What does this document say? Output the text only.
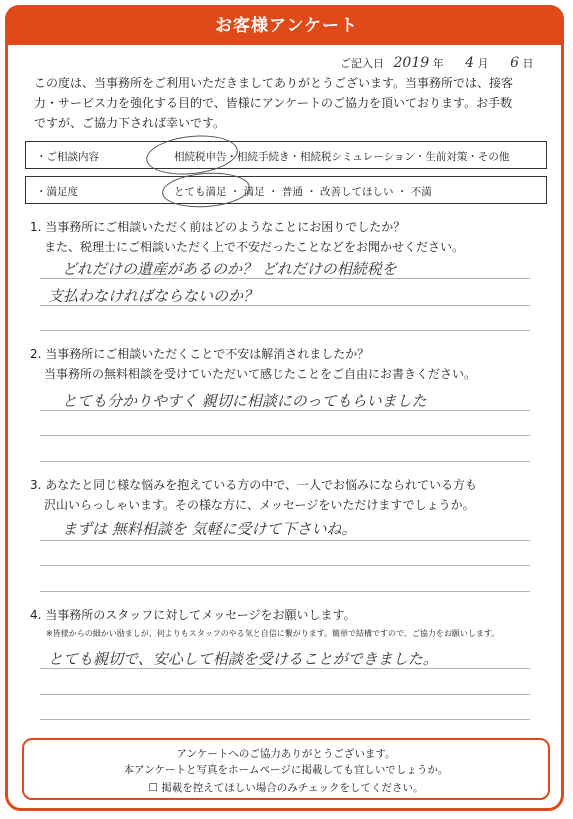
お客様アンケート
ご記入日 2019 年 4 月 6 日
この度は、当事務所をご利用いただきましてありがとうございます。当事務所では、接客
力・サービス力を強化する目的で、皆様にアンケートのご協力を頂いております。お手数
ですが、ご協力下されば幸いです。
・ご相談内容	相続税申告・相続手続き・相続税シミュレーション・生前対策・その他
・満足度	とても満足 ・ 満足 ・ 普通 ・ 改善してほしい ・ 不満
1. 当事務所にご相談いただく前はどのようなことにお困りでしたか？
また、税理士にご相談いただく上で不安だったことなどをお聞かせください。
どれだけの遺産があるのか？ どれだけの相続税を
支払わなければならないのか？
2. 当事務所にご相談いただくことで不安は解消されましたか？
当事務所の無料相談を受けていただいて感じたことをご自由にお書きください。
とても分かりやすく 親切に相談にのってもらいました
3. あなたと同じ様な悩みを抱えている方の中で、一人でお悩みになられている方も
沢山いらっしゃいます。その様な方に、メッセージをいただけますでしょうか。
まずは 無料相談を 気軽に受けて下さいね。
4. 当事務所のスタッフに対してメッセージをお願いします。
※皆様からの細かい励ましが、何よりもスタッフのやる気と自信に繋がります。簡単で結構ですので、ご協力をお願いします。
とても親切で、安心して相談を受けることができました。
アンケートへのご協力ありがとうございます。
本アンケートと写真をホームページに掲載しても宜しいでしょうか。
☐ 掲載を控えてほしい場合のみチェックをしてください。
